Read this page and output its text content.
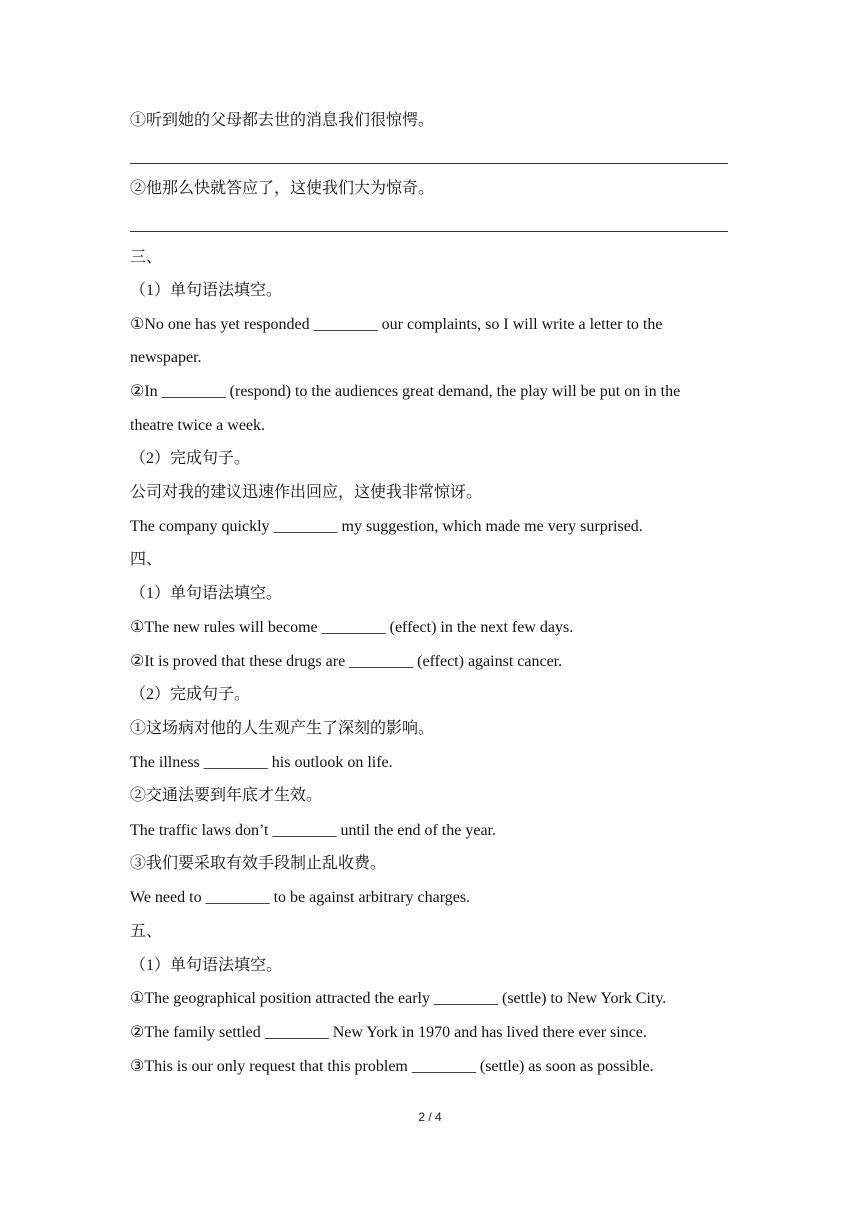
①听到她的父母都去世的消息我们很惊愕。
②他那么快就答应了，这使我们大为惊奇。
三、
（1）单句语法填空。
①No one has yet responded ________ our complaints, so I will write a letter to the
newspaper.
②In ________ (respond) to the audiences great demand, the play will be put on in the
theatre twice a week.
（2）完成句子。
公司对我的建议迅速作出回应，这使我非常惊讶。
The company quickly ________ my suggestion, which made me very surprised.
四、
（1）单句语法填空。
①The new rules will become ________ (effect) in the next few days.
②It is proved that these drugs are ________ (effect) against cancer.
（2）完成句子。
①这场病对他的人生观产生了深刻的影响。
The illness ________ his outlook on life.
②交通法要到年底才生效。
The traffic laws don’t ________ until the end of the year.
③我们要采取有效手段制止乱收费。
We need to ________ to be against arbitrary charges.
五、
（1）单句语法填空。
①The geographical position attracted the early ________ (settle) to New York City.
②The family settled ________ New York in 1970 and has lived there ever since.
③This is our only request that this problem ________ (settle) as soon as possible.
2 / 4
